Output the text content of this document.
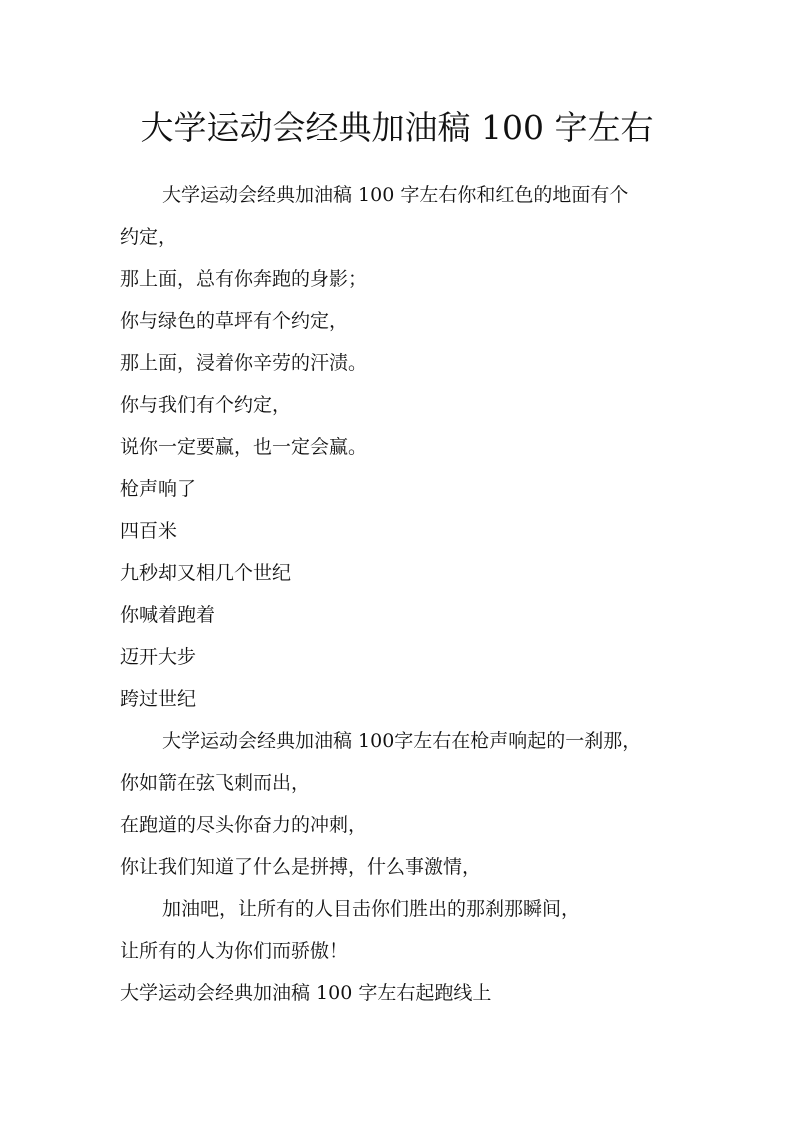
大学运动会经典加油稿 100 字左右
大学运动会经典加油稿 100 字左右你和红色的地面有个
约定，
那上面，总有你奔跑的身影；
你与绿色的草坪有个约定，
那上面，浸着你辛劳的汗渍。
你与我们有个约定，
说你一定要赢，也一定会赢。
枪声响了
四百米
九秒却又相几个世纪
你喊着跑着
迈开大步
跨过世纪
大学运动会经典加油稿 100字左右在枪声响起的一刹那，
你如箭在弦飞刺而出，
在跑道的尽头你奋力的冲刺，
你让我们知道了什么是拼搏，什么事激情，
加油吧，让所有的人目击你们胜出的那刹那瞬间，
让所有的人为你们而骄傲！
大学运动会经典加油稿 100 字左右起跑线上
